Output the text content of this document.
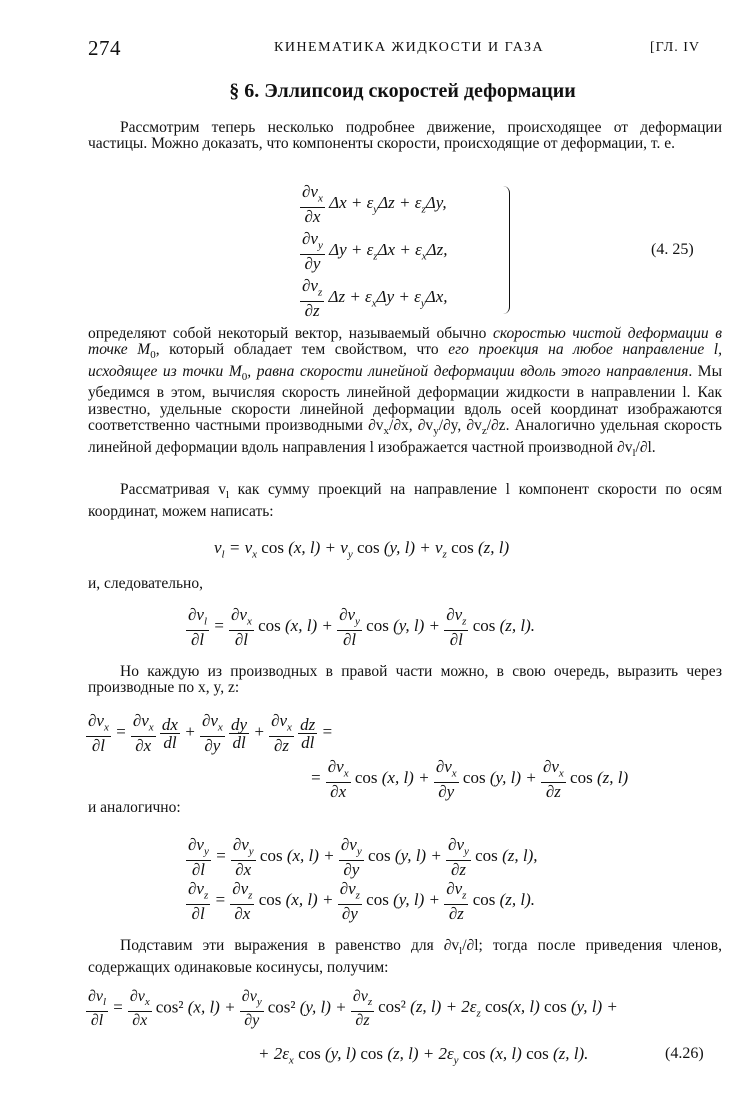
274	КИНЕМАТИКА ЖИДКОСТИ И ГАЗА	[ГЛ. IV
§ 6. Эллипсоид скоростей деформации

Рассмотрим теперь несколько подробнее движение, происходящее от деформации частицы. Можно доказать, что компоненты скорости, происходящие от деформации, т. е.

$\frac{\partial v_x}{\partial x}$ $\Delta x + \varepsilon_y\Delta z + \varepsilon_z\Delta y$,
$\frac{\partial v_y}{\partial y}$ $\Delta y + \varepsilon_z\Delta x + \varepsilon_x\Delta z$,
$\frac{\partial v_z}{\partial z}$ $\Delta z + \varepsilon_x\Delta y + \varepsilon_y\Delta x$,
(4. 25)

определяют собой некоторый вектор, называемый обычно скоростью чистой деформации в точке $M_0$, который обладает тем свойством, что его проекция на любое направление l, исходящее из точки $M_0$, равна скорости линейной деформации вдоль этого направления. Мы убедимся в этом, вычисляя скорость линейной деформации жидкости в направлении l. Как известно, удельные скорости линейной деформации вдоль осей координат изображаются соответственно частными производными $\partial v_x/\partial x$, $\partial v_y/\partial y$, $\partial v_z/\partial z$. Аналогично удельная скорость линейной деформации вдоль направления l изображается частной производной $\partial v_l/\partial l$.

Рассматривая $v_l$ как сумму проекций на направление l компонент скорости по осям координат, можем написать:

$v_l = v_x$ cos (x, $l) + v_y$ cos (y, $l) + v_z$ cos (z, l)

и, следовательно,

$\frac{\partial v_l}{\partial l} = \frac{\partial v_x}{\partial l}$ cos (x, $l) + \frac{\partial v_y}{\partial l}$ cos (y, $l) + \frac{\partial v_z}{\partial l}$ cos (z, l).

Но каждую из производных в правой части можно, в свою очередь, выразить через производные по x, y, z:

$\frac{\partial v_x}{\partial l} = \frac{\partial v_x}{\partial x}$
$\frac{dx}{dl} + \frac{\partial v_x}{\partial y}$
$\frac{dy}{dl} + \frac{\partial v_x}{\partial z}$
$\frac{dz}{dl}$ =
= $\frac{\partial v_x}{\partial x}$ cos (x, $l) + \frac{\partial v_x}{\partial y}$ cos (y, $l) + \frac{\partial v_x}{\partial z}$ cos (z, l)

и аналогично:

$\frac{\partial v_y}{\partial l} = \frac{\partial v_y}{\partial x}$ cos (x, $l) + \frac{\partial v_y}{\partial y}$ cos (y, $l) + \frac{\partial v_y}{\partial z}$ cos (z, l),
$\frac{\partial v_z}{\partial l} = \frac{\partial v_z}{\partial x}$ cos (x, $l) + \frac{\partial v_z}{\partial y}$ cos (y, $l) + \frac{\partial v_z}{\partial z}$ cos (z, l).

Подставим эти выражения в равенство для $\partial v_l/\partial l$; тогда после приведения членов, содержащих одинаковые косинусы, получим:

$\frac{\partial v_l}{\partial l} = \frac{\partial v_x}{\partial x} \cos^2$ (x, $l) + \frac{\partial v_y}{\partial y} \cos^2$ (y, $l) + \frac{\partial v_z}{\partial z} \cos^2$ (z, $l) + 2\varepsilon_z$ cos(x, l) cos (y, l) +
+ $2\varepsilon_x$ cos (y, l) cos (z, $l) + 2\varepsilon_y$ cos (x, l) cos (z, l).	(4.26)
